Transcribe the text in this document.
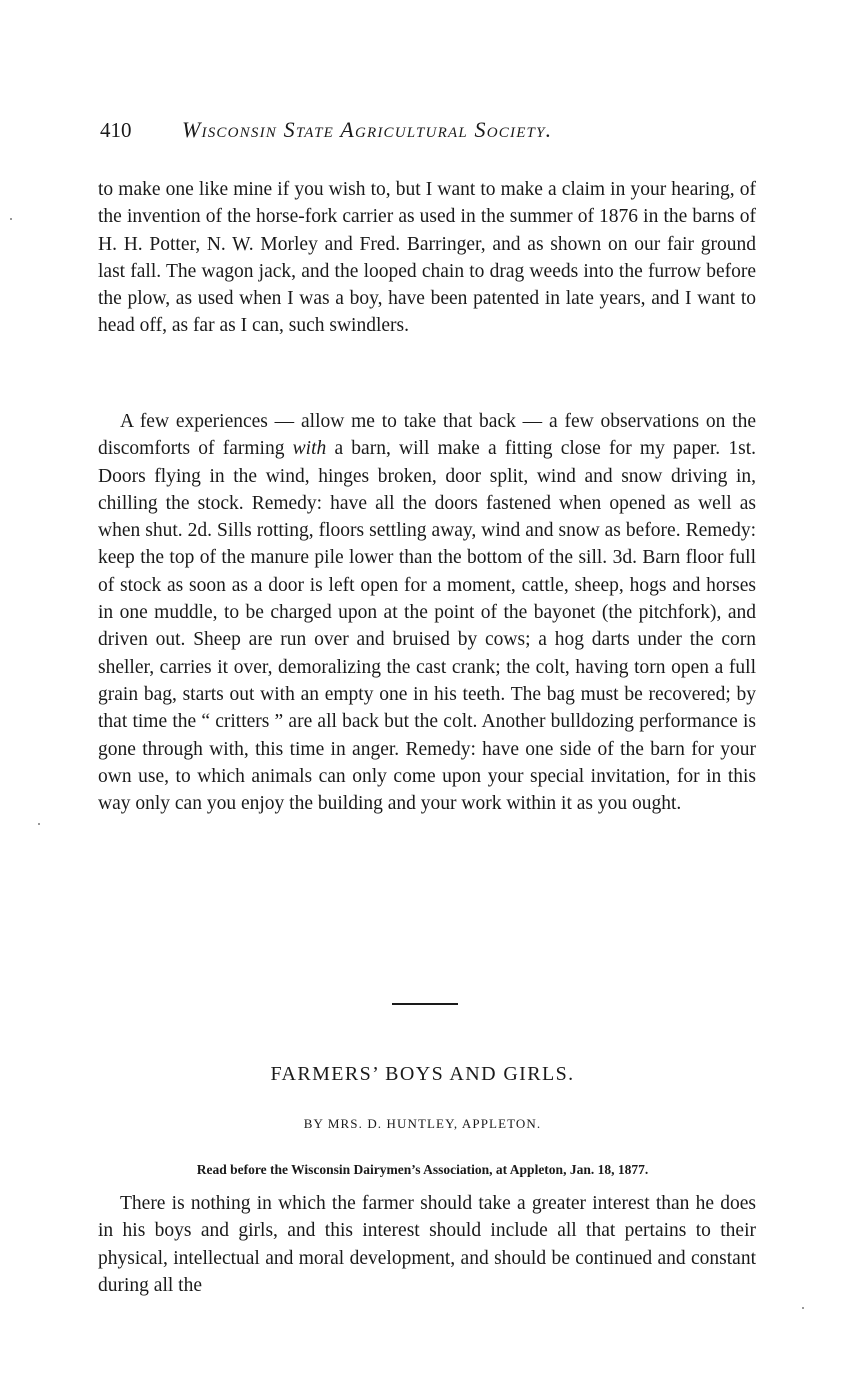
410 Wisconsin State Agricultural Society.

to make one like mine if you wish to, but I want to make a claim in your hearing, of the invention of the horse-fork carrier as used in the summer of 1876 in the barns of H. H. Potter, N. W. Morley and Fred. Barringer, and as shown on our fair ground last fall. The wagon jack, and the looped chain to drag weeds into the furrow before the plow, as used when I was a boy, have been patented in late years, and I want to head off, as far as I can, such swindlers.

A few experiences — allow me to take that back — a few observations on the discomforts of farming with a barn, will make a fitting close for my paper. 1st. Doors flying in the wind, hinges broken, door split, wind and snow driving in, chilling the stock. Remedy: have all the doors fastened when opened as well as when shut. 2d. Sills rotting, floors settling away, wind and snow as before. Remedy: keep the top of the manure pile lower than the bottom of the sill. 3d. Barn floor full of stock as soon as a door is left open for a moment, cattle, sheep, hogs and horses in one muddle, to be charged upon at the point of the bayonet (the pitchfork), and driven out. Sheep are run over and bruised by cows; a hog darts under the corn sheller, carries it over, demoralizing the cast crank; the colt, having torn open a full grain bag, starts out with an empty one in his teeth. The bag must be recovered; by that time the “ critters ” are all back but the colt. Another bulldozing performance is gone through with, this time in anger. Remedy: have one side of the barn for your own use, to which animals can only come upon your special invitation, for in this way only can you enjoy the building and your work within it as you ought.

FARMERS’ BOYS AND GIRLS.
BY MRS. D. HUNTLEY, APPLETON.
Read before the Wisconsin Dairymen’s Association, at Appleton, Jan. 18, 1877.

There is nothing in which the farmer should take a greater interest than he does in his boys and girls, and this interest should include all that pertains to their physical, intellectual and moral development, and should be continued and constant during all the
